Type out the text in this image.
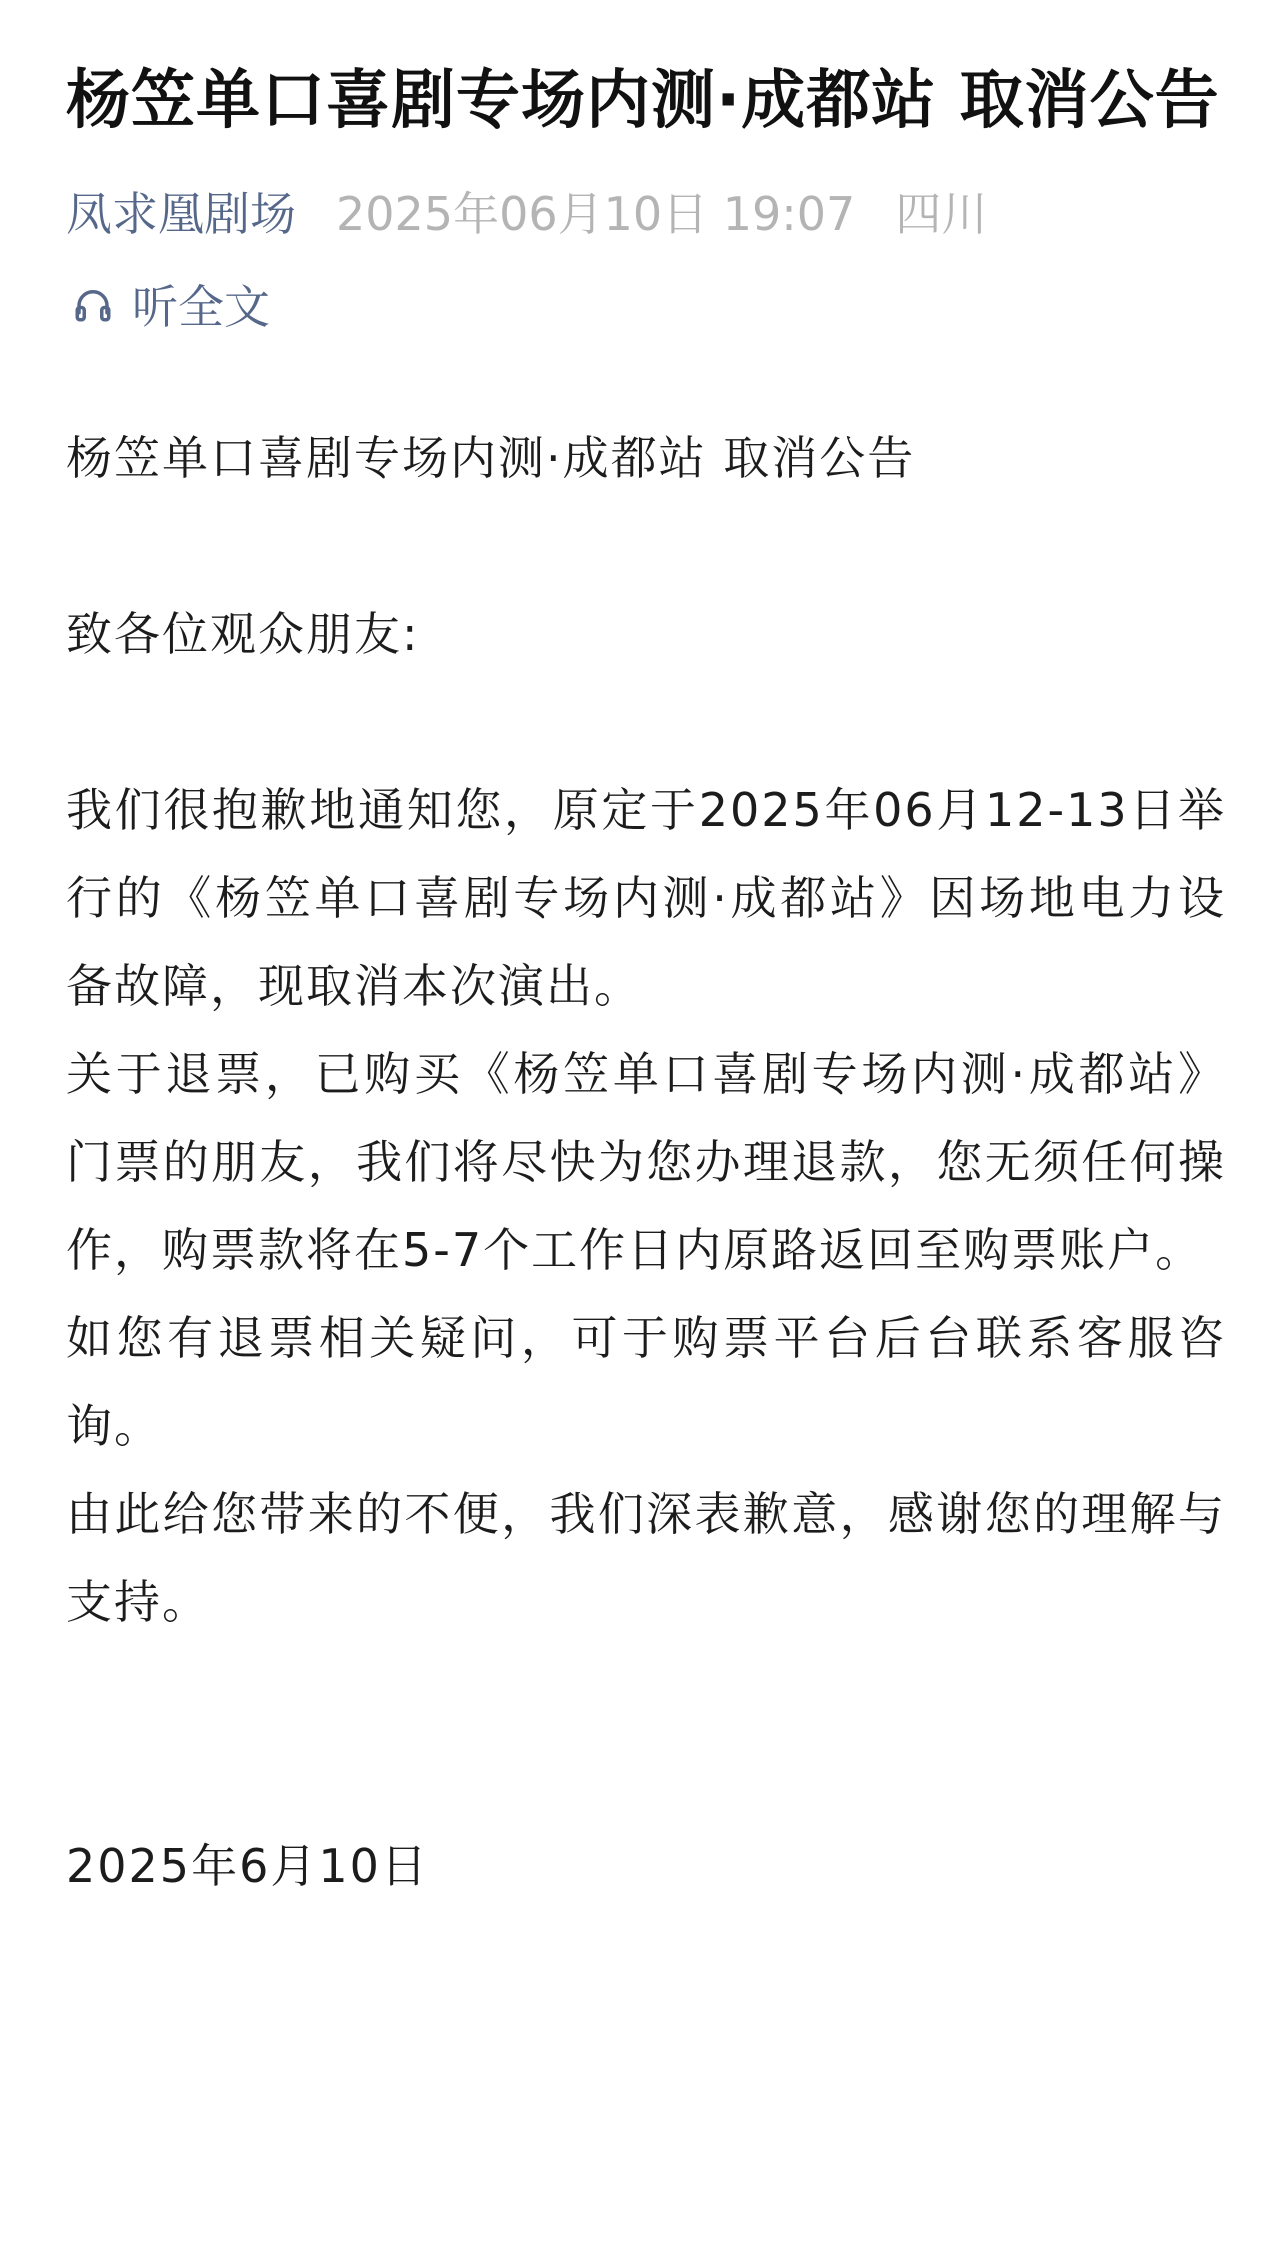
杨笠单口喜剧专场内测·成都站 取消公告
凤求凰剧场 2025年06月10日 19:07 四川
听全文

杨笠单口喜剧专场内测·成都站 取消公告

致各位观众朋友:

我们很抱歉地通知您，原定于2025年06月12-13日举行的《杨笠单口喜剧专场内测·成都站》因场地电力设备故障，现取消本次演出。

关于退票，已购买《杨笠单口喜剧专场内测·成都站》门票的朋友，我们将尽快为您办理退款，您无须任何操作，购票款将在5-7个工作日内原路返回至购票账户。

如您有退票相关疑问，可于购票平台后台联系客服咨询。

由此给您带来的不便，我们深表歉意，感谢您的理解与支持。

2025年6月10日
